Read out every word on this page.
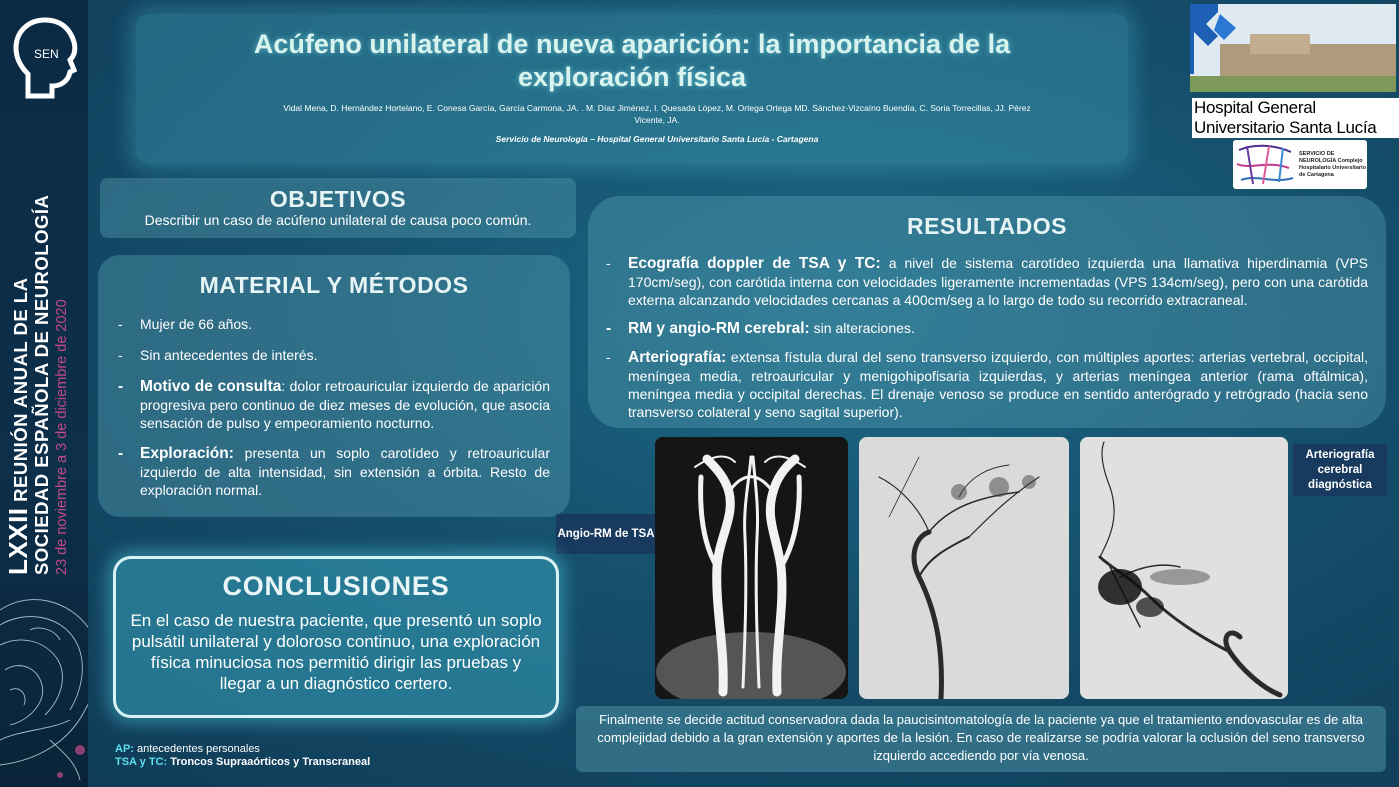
SEN
LXXII REUNIÓN ANUAL DE LA SOCIEDAD ESPAÑOLA DE NEUROLOGÍA 23 de noviembre a 3 de diciembre de 2020
Acúfeno unilateral de nueva aparición: la importancia de la exploración física
Vidal Mena, D. Hernández Hortelano, E. Conesa García, García Carmona, JA. . M. Díaz Jiménez, I. Quesada López, M. Ortega Ortega MD. Sánchez-Vizcaíno Buendía, C. Soria Torrecillas, JJ. Pérez Vicente, JA.
Servicio de Neurología – Hospital General Universitario Santa Lucía - Cartagena
Hospital General Universitario Santa Lucía
SERVICIO DE NEUROLOGÍA Complejo Hospitalario Universitario de Cartagena
OBJETIVOS

Describir un caso de acúfeno unilateral de causa poco común.

MATERIAL Y MÉTODOS
-	Mujer de 66 años.
-	Sin antecedentes de interés.
-	Motivo de consulta: dolor retroauricular izquierdo de aparición progresiva pero continuo de diez meses de evolución, que asocia sensación de pulso y empeoramiento nocturno.
-	Exploración: presenta un soplo carotídeo y retroauricular izquierdo de alta intensidad, sin extensión a órbita. Resto de exploración normal.
RESULTADOS
-	Ecografía doppler de TSA y TC: a nivel de sistema carotídeo izquierda una llamativa hiperdinamia (VPS 170cm/seg), con carótida interna con velocidades ligeramente incrementadas (VPS 134cm/seg), pero con una carótida externa alcanzando velocidades cercanas a 400cm/seg a lo largo de todo su recorrido extracraneal.
-	RM y angio-RM cerebral: sin alteraciones.
-	Arteriografía: extensa fístula dural del seno transverso izquierdo, con múltiples aportes: arterias vertebral, occipital, meníngea media, retroauricular y menigohipofisaria izquierdas, y arterias meníngea anterior (rama oftálmica), meníngea media y occipital derechas. El drenaje venoso se produce en sentido anterógrado y retrógrado (hacia seno transverso colateral y seno sagital superior).
Angio-RM de TSA
Arteriografía cerebral diagnóstica
Finalmente se decide actitud conservadora dada la paucisintomatología de la paciente ya que el tratamiento endovascular es de alta complejidad debido a la gran extensión y aportes de la lesión. En caso de realizarse se podría valorar la oclusión del seno transverso izquierdo accediendo por vía venosa.
CONCLUSIONES

En el caso de nuestra paciente, que presentó un soplo pulsátil unilateral y doloroso continuo, una exploración física minuciosa nos permitió dirigir las pruebas y llegar a un diagnóstico certero.

AP: antecedentes personales
TSA y TC: Troncos Supraaórticos y Transcraneal
